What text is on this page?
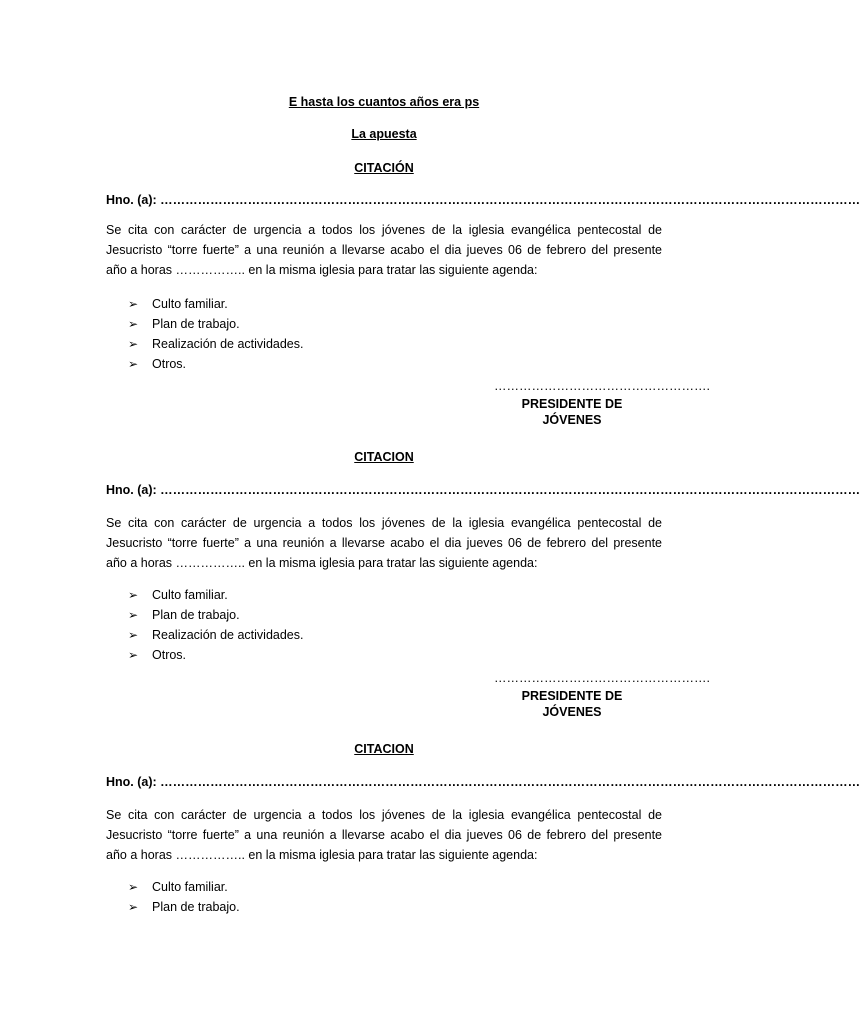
E hasta los cuantos años era ps
La apuesta
CITACIÓN
Hno. (a): ……………………………………………………………………………………………………………………………………………………
Se cita con carácter de urgencia a todos los jóvenes de la iglesia evangélica pentecostal de
Jesucristo “torre fuerte” a una reunión a llevarse acabo el dia jueves 06 de febrero del presente
año a horas …………….. en la misma iglesia para tratar las siguiente agenda:
➢ Culto familiar.
➢ Plan de trabajo.
➢ Realización de actividades.
➢ Otros.
…………………………………………….
PRESIDENTE DE JÓVENES
CITACION
Hno. (a): ……………………………………………………………………………………………………………………………………………………
Se cita con carácter de urgencia a todos los jóvenes de la iglesia evangélica pentecostal de
Jesucristo “torre fuerte” a una reunión a llevarse acabo el dia jueves 06 de febrero del presente
año a horas …………….. en la misma iglesia para tratar las siguiente agenda:
➢ Culto familiar.
➢ Plan de trabajo.
➢ Realización de actividades.
➢ Otros.
…………………………………………….
PRESIDENTE DE JÓVENES
CITACION
Hno. (a): ……………………………………………………………………………………………………………………………………………………
Se cita con carácter de urgencia a todos los jóvenes de la iglesia evangélica pentecostal de
Jesucristo “torre fuerte” a una reunión a llevarse acabo el dia jueves 06 de febrero del presente
año a horas …………….. en la misma iglesia para tratar las siguiente agenda:
➢ Culto familiar.
➢ Plan de trabajo.
